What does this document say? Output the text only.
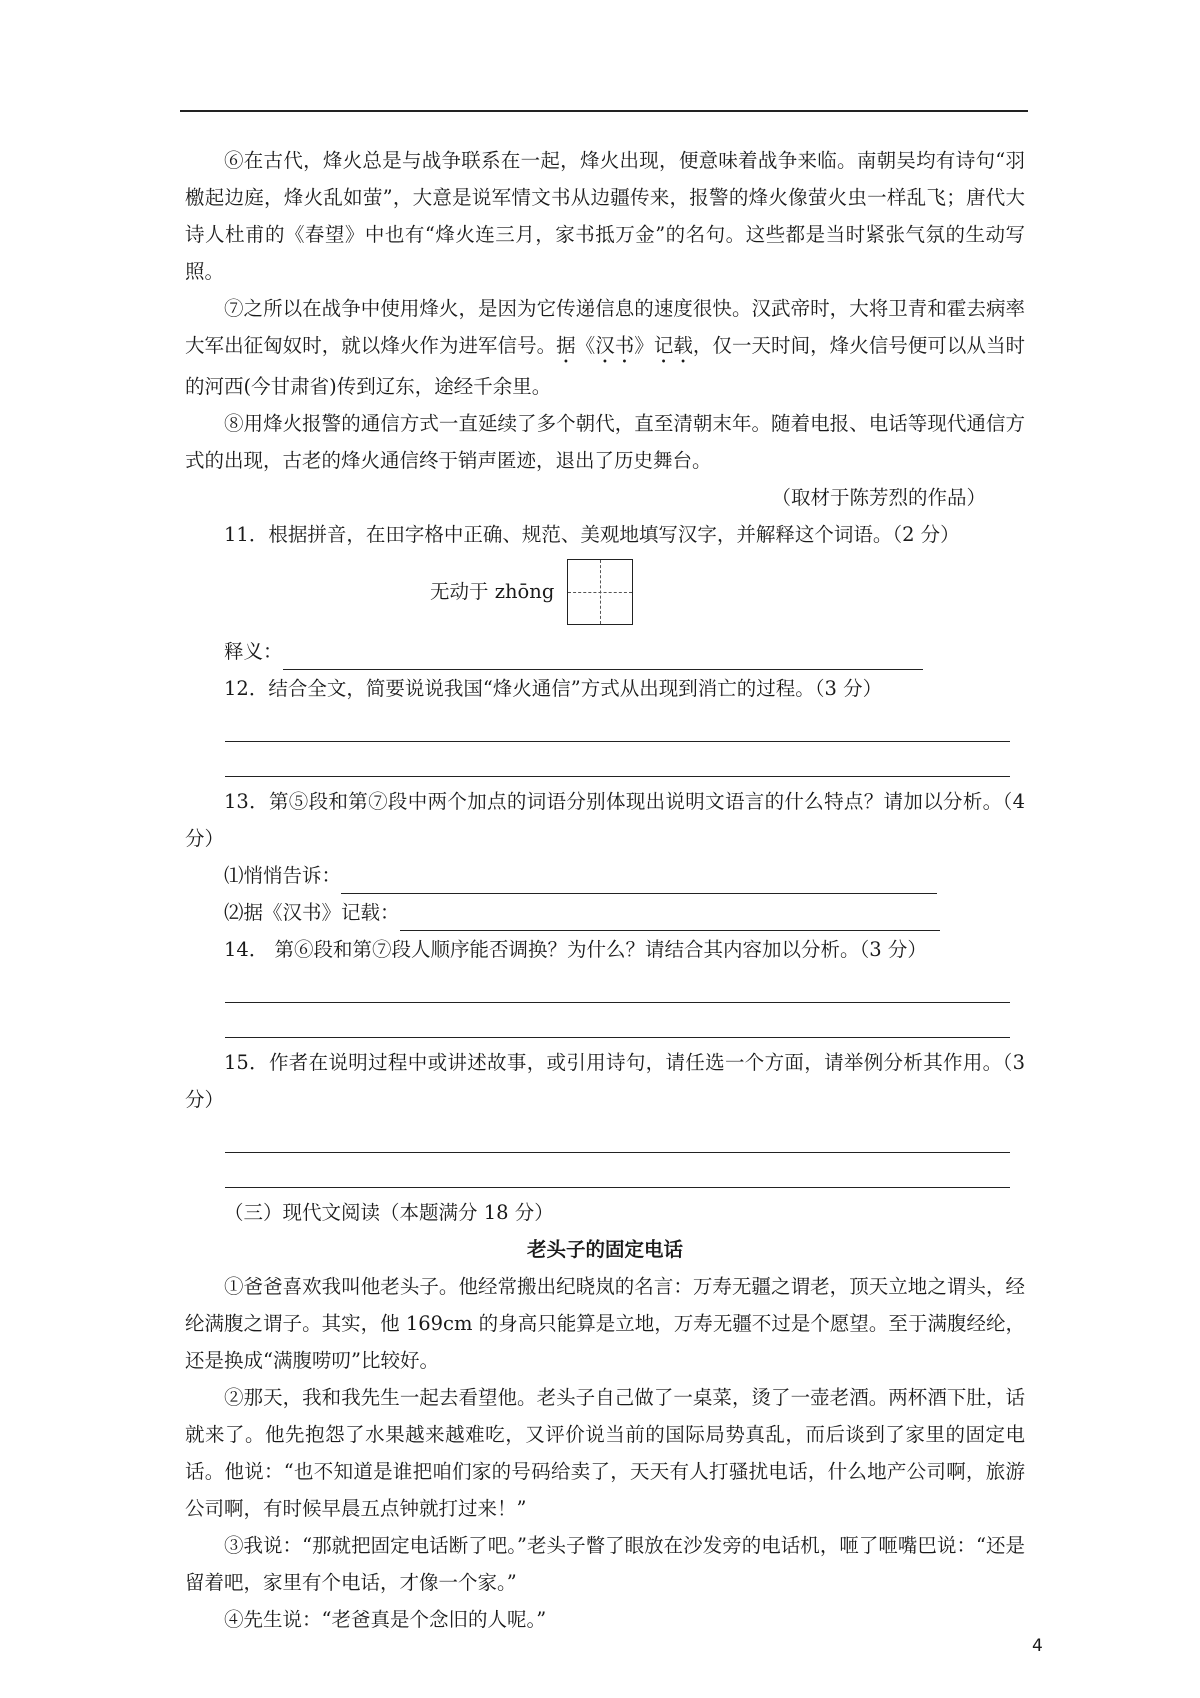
⑥在古代，烽火总是与战争联系在一起，烽火出现，便意味着战争来临。南朝吴均有诗句“羽檄起边庭，烽火乱如萤”，大意是说军情文书从边疆传来，报警的烽火像萤火虫一样乱飞；唐代大诗人杜甫的《春望》中也有“烽火连三月，家书抵万金”的名句。这些都是当时紧张气氛的生动写照。

⑦之所以在战争中使用烽火，是因为它传递信息的速度很快。汉武帝时，大将卫青和霍去病率大军出征匈奴时，就以烽火作为进军信号。据《汉书》记载，仅一天时间，烽火信号便可以从当时的河西(今甘肃省)传到辽东，途经千余里。

⑧用烽火报警的通信方式一直延续了多个朝代，直至清朝末年。随着电报、电话等现代通信方式的出现，古老的烽火通信终于销声匿迹，退出了历史舞台。

（取材于陈芳烈的作品）

11．根据拼音，在田字格中正确、规范、美观地填写汉字，并解释这个词语。（2 分）

无动于 zhōng

释义：

12．结合全文，简要说说我国“烽火通信”方式从出现到消亡的过程。（3 分）

13．第⑤段和第⑦段中两个加点的词语分别体现出说明文语言的什么特点？请加以分析。（4 分）

⑴悄悄告诉：

⑵据《汉书》记载：

14． 第⑥段和第⑦段人顺序能否调换？为什么？请结合其内容加以分析。（3 分）

15．作者在说明过程中或讲述故事，或引用诗句，请任选一个方面，请举例分析其作用。（3 分）

（三）现代文阅读（本题满分 18 分）

老头子的固定电话

①爸爸喜欢我叫他老头子。他经常搬出纪晓岚的名言：万寿无疆之谓老，顶天立地之谓头，经纶满腹之谓子。其实，他 169cm 的身高只能算是立地，万寿无疆不过是个愿望。至于满腹经纶，还是换成“满腹唠叨”比较好。

②那天，我和我先生一起去看望他。老头子自己做了一桌菜，烫了一壶老酒。两杯酒下肚，话就来了。他先抱怨了水果越来越难吃，又评价说当前的国际局势真乱，而后谈到了家里的固定电话。他说：“也不知道是谁把咱们家的号码给卖了，天天有人打骚扰电话，什么地产公司啊，旅游公司啊，有时候早晨五点钟就打过来！”

③我说：“那就把固定电话断了吧。”老头子瞥了眼放在沙发旁的电话机，咂了咂嘴巴说：“还是留着吧，家里有个电话，才像一个家。”

④先生说：“老爸真是个念旧的人呢。”

4
